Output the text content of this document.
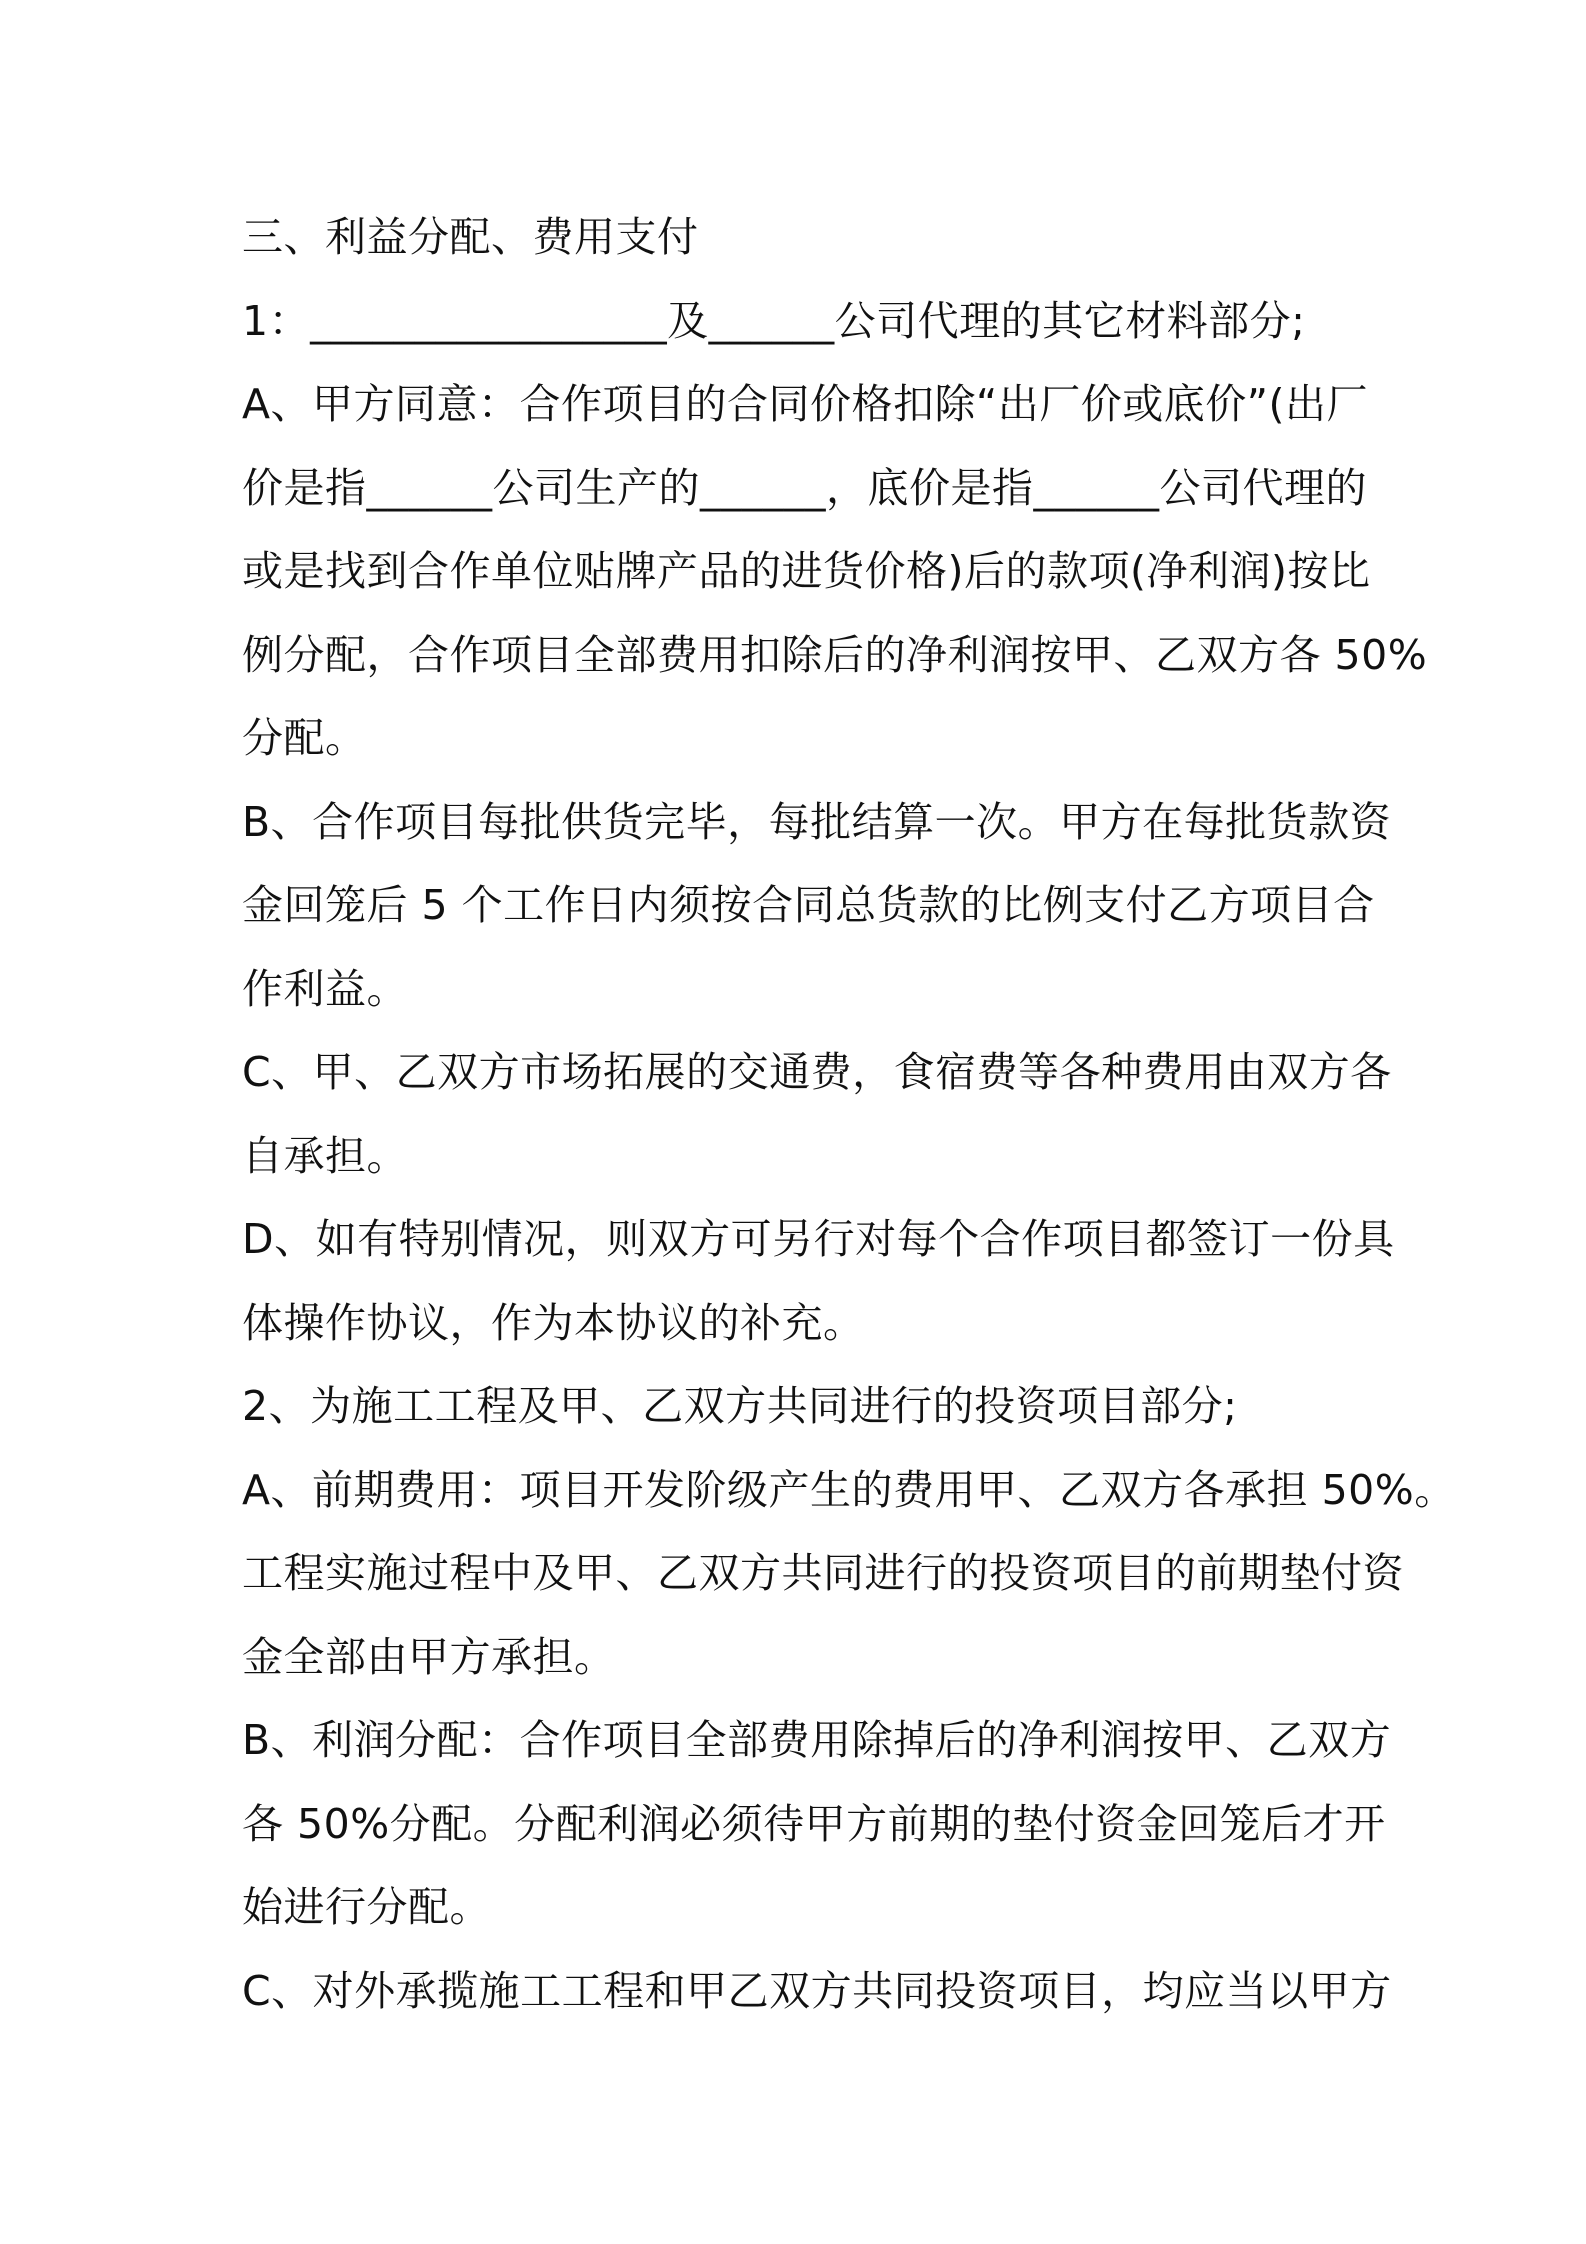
三、利益分配、费用支付
1：_________________及______公司代理的其它材料部分;
A、甲方同意：合作项目的合同价格扣除“出厂价或底价”(出厂
价是指______公司生产的______，底价是指______公司代理的
或是找到合作单位贴牌产品的进货价格)后的款项(净利润)按比
例分配，合作项目全部费用扣除后的净利润按甲、乙双方各 50%
分配。
B、合作项目每批供货完毕，每批结算一次。甲方在每批货款资
金回笼后 5 个工作日内须按合同总货款的比例支付乙方项目合
作利益。
C、甲、乙双方市场拓展的交通费，食宿费等各种费用由双方各
自承担。
D、如有特别情况，则双方可另行对每个合作项目都签订一份具
体操作协议，作为本协议的补充。
2、为施工工程及甲、乙双方共同进行的投资项目部分;
A、前期费用：项目开发阶级产生的费用甲、乙双方各承担 50%。
工程实施过程中及甲、乙双方共同进行的投资项目的前期垫付资
金全部由甲方承担。
B、利润分配：合作项目全部费用除掉后的净利润按甲、乙双方
各 50%分配。分配利润必须待甲方前期的垫付资金回笼后才开
始进行分配。
C、对外承揽施工工程和甲乙双方共同投资项目，均应当以甲方
